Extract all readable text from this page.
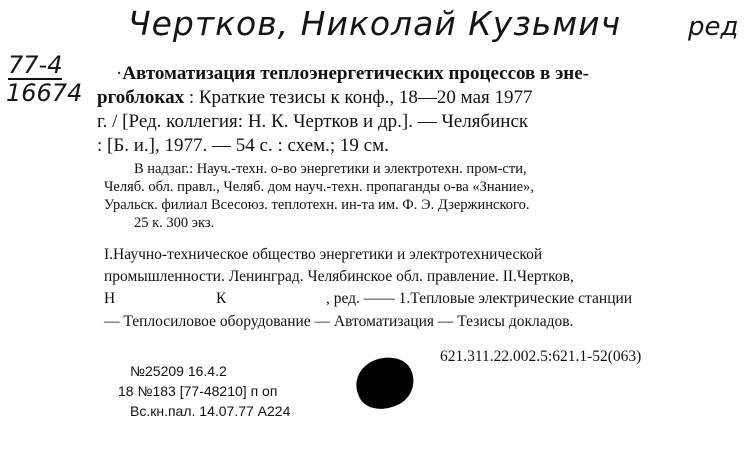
Чертков, Николай Кузьмич	ред
77-4
16674
·Автоматизация теплоэнергетических процессов в эне-
ргоблоках : Краткие тезисы к конф., 18—20 мая 1977
г. / [Ред. коллегия: Н. К. Чертков и др.]. — Челябинск
: [Б. и.], 1977. — 54 с. : схем.; 19 см.
В надзаг.: Науч.-техн. о-во энергетики и электротехн. пром-сти,
Челяб. обл. правл., Челяб. дом науч.-техн. пропаганды о-ва «Знание»,
Уральск. филиал Всесоюз. теплотехн. ин-та им. Ф. Э. Дзержинского.
25 к. 300 экз.
I.Научно-техническое общество энергетики и электротехнической
промышленности. Ленинград. Челябинское обл. правление. II.Чертков,
Н	К	, ред. —— 1.Тепловые электрические станции
— Теплосиловое оборудование — Автоматизация — Тезисы докладов.
621.311.22.002.5:621.1-52(063)
№25209 16.4.2
18 №183 [77-48210] п оп
Вс.кн.пал. 14.07.77 А224
